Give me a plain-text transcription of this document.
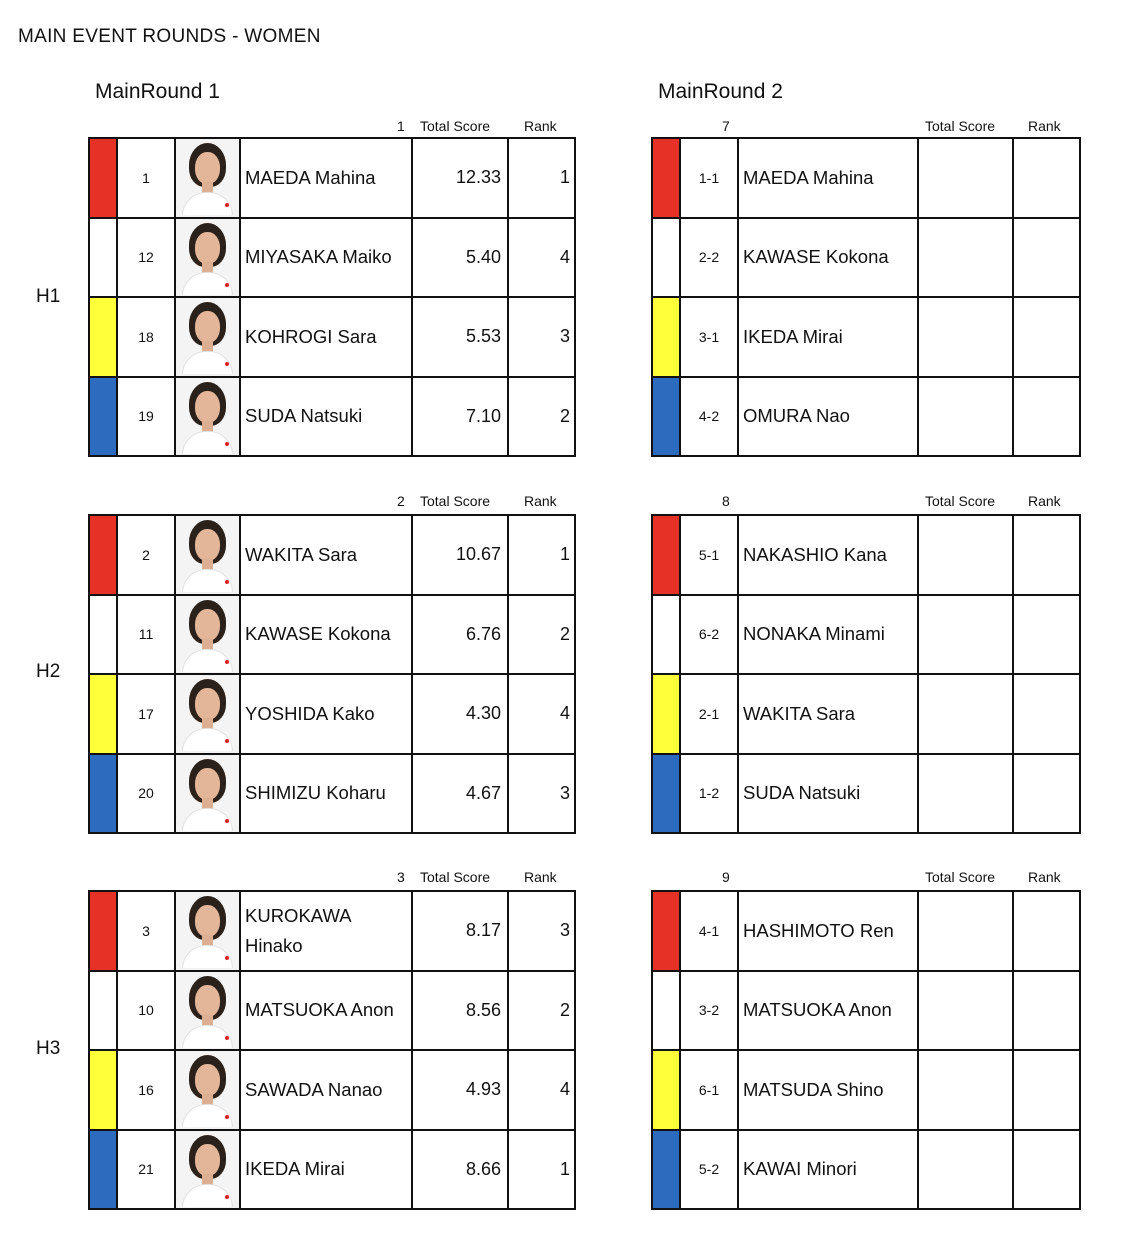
MAIN EVENT ROUNDS - WOMEN
MainRound 1	MainRound 2
H1
1 Total Score Rank
	1		MAEDA Mahina	12.33	1
	12		MIYASAKA Maiko	5.40	4
	18		KOHROGI Sara	5.53	3
	19		SUDA Natsuki	7.10	2
H2
2 Total Score Rank
	2		WAKITA Sara	10.67	1
	11		KAWASE Kokona	6.76	2
	17		YOSHIDA Kako	4.30	4
	20		SHIMIZU Koharu	4.67	3
H3
3 Total Score Rank
	3		KUROKAWA Hinako	8.17	3
	10		MATSUOKA Anon	8.56	2
	16		SAWADA Nanao	4.93	4
	21		IKEDA Mirai	8.66	1
7	Total Score Rank
	1-1	MAEDA Mahina		
	2-2	KAWASE Kokona		
	3-1	IKEDA Mirai		
	4-2	OMURA Nao		
8	Total Score Rank
	5-1	NAKASHIO Kana		
	6-2	NONAKA Minami		
	2-1	WAKITA Sara		
	1-2	SUDA Natsuki		
9	Total Score Rank
	4-1	HASHIMOTO Ren		
	3-2	MATSUOKA Anon		
	6-1	MATSUDA Shino		
	5-2	KAWAI Minori		
